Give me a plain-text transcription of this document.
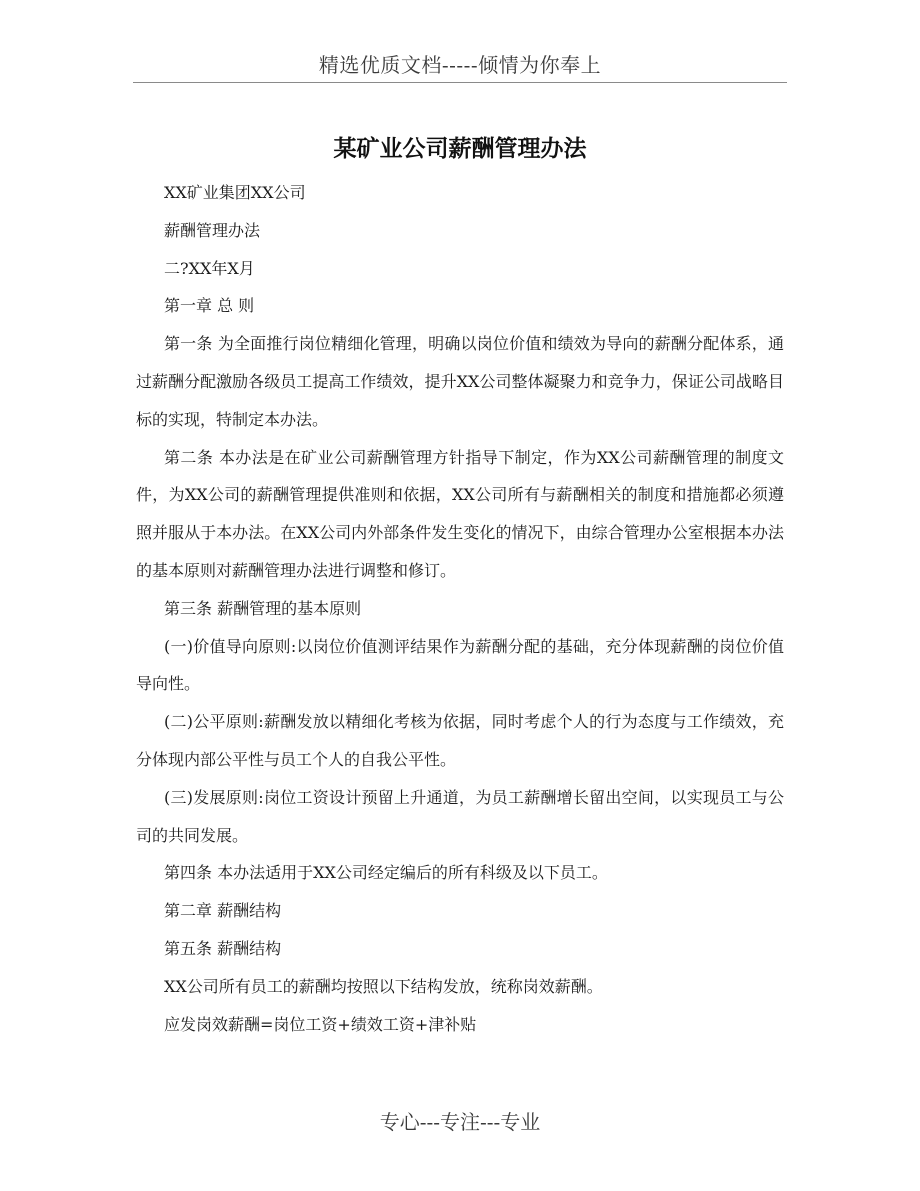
精选优质文档-----倾情为你奉上
某矿业公司薪酬管理办法

XX矿业集团XX公司

薪酬管理办法

二?XX年X月

第一章 总 则

第一条 为全面推行岗位精细化管理，明确以岗位价值和绩效为导向的薪酬分配体系，通过薪酬分配激励各级员工提高工作绩效，提升XX公司整体凝聚力和竞争力，保证公司战略目标的实现，特制定本办法。

第二条 本办法是在矿业公司薪酬管理方针指导下制定，作为XX公司薪酬管理的制度文件，为XX公司的薪酬管理提供准则和依据，XX公司所有与薪酬相关的制度和措施都必须遵照并服从于本办法。在XX公司内外部条件发生变化的情况下，由综合管理办公室根据本办法的基本原则对薪酬管理办法进行调整和修订。

第三条 薪酬管理的基本原则

(一)价值导向原则:以岗位价值测评结果作为薪酬分配的基础，充分体现薪酬的岗位价值导向性。

(二)公平原则:薪酬发放以精细化考核为依据，同时考虑个人的行为态度与工作绩效，充分体现内部公平性与员工个人的自我公平性。

(三)发展原则:岗位工资设计预留上升通道，为员工薪酬增长留出空间，以实现员工与公司的共同发展。

第四条 本办法适用于XX公司经定编后的所有科级及以下员工。

第二章 薪酬结构

第五条 薪酬结构

XX公司所有员工的薪酬均按照以下结构发放，统称岗效薪酬。

应发岗效薪酬=岗位工资+绩效工资+津补贴

专心---专注---专业
